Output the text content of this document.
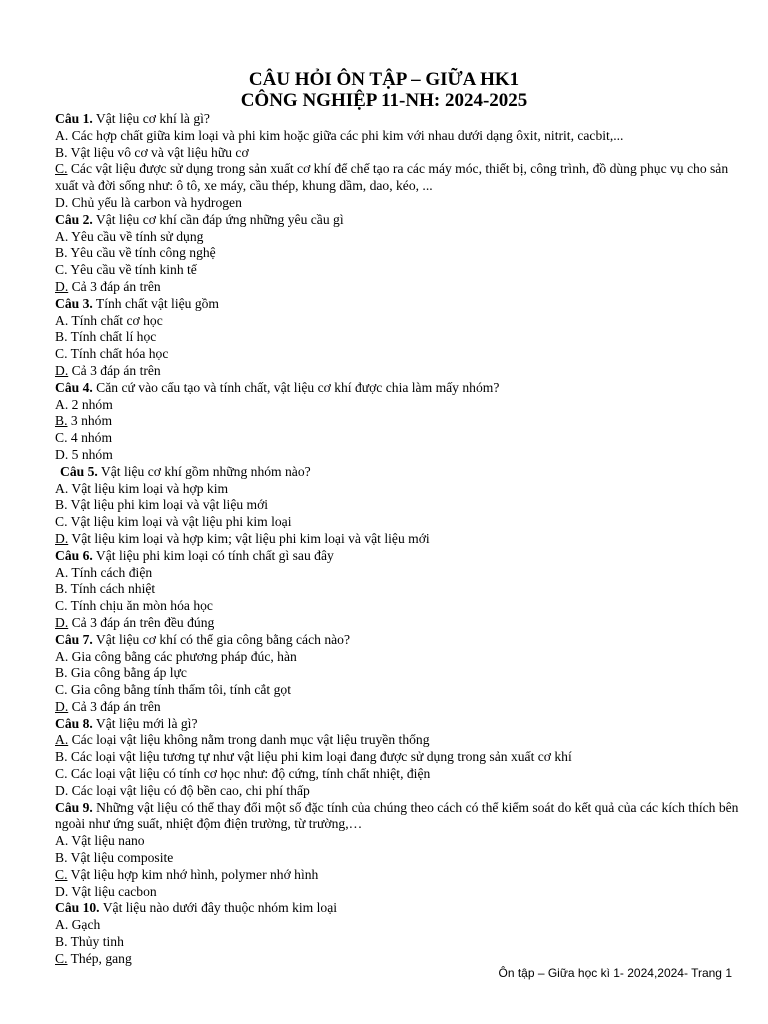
CÂU HỎI ÔN TẬP – GIỮA HK1
CÔNG NGHIỆP 11-NH: 2024-2025
Câu 1. Vật liệu cơ khí là gì?
A. Các hợp chất giữa kim loại và phi kim hoặc giữa các phi kim với nhau dưới dạng ôxit, nitrit, cacbit,...
B. Vật liệu vô cơ và vật liệu hữu cơ
C. Các vật liệu được sử dụng trong sản xuất cơ khí để chế tạo ra các máy móc, thiết bị, công trình, đồ dùng phục vụ cho sản xuất và đời sống như: ô tô, xe máy, cầu thép, khung dầm, dao, kéo, ...
D. Chủ yếu là carbon và hydrogen
Câu 2. Vật liệu cơ khí cần đáp ứng những yêu cầu gì
A. Yêu cầu về tính sử dụng
B. Yêu cầu về tính công nghệ
C. Yêu cầu về tính kinh tế
D. Cả 3 đáp án trên
Câu 3. Tính chất vật liệu gồm
A. Tính chất cơ học
B. Tính chất lí học
C. Tính chất hóa học
D. Cả 3 đáp án trên
Câu 4. Căn cứ vào cấu tạo và tính chất, vật liệu cơ khí được chia làm mấy nhóm?
A. 2 nhóm
B. 3 nhóm
C. 4 nhóm
D. 5 nhóm
Câu 5. Vật liệu cơ khí gồm những nhóm nào?
A. Vật liệu kim loại và hợp kim
B. Vật liệu phi kim loại và vật liệu mới
C. Vật liệu kim loại và vật liệu phi kim loại
D. Vật liệu kim loại và hợp kim; vật liệu phi kim loại và vật liệu mới
Câu 6. Vật liệu phi kim loại có tính chất gì sau đây
A. Tính cách điện
B. Tính cách nhiệt
C. Tính chịu ăn mòn hóa học
D. Cả 3 đáp án trên đều đúng
Câu 7. Vật liệu cơ khí có thể gia công bằng cách nào?
A. Gia công bằng các phương pháp đúc, hàn
B. Gia công bằng áp lực
C. Gia công bằng tính thấm tôi, tính cắt gọt
D. Cả 3 đáp án trên
Câu 8. Vật liệu mới là gì?
A. Các loại vật liệu không nằm trong danh mục vật liệu truyền thống
B. Các loại vật liệu tương tự như vật liệu phi kim loại đang được sử dụng trong sản xuất cơ khí
C. Các loại vật liệu có tính cơ học như: độ cứng, tính chất nhiệt, điện
D. Các loại vật liệu có độ bền cao, chi phí thấp
Câu 9. Những vật liệu có thể thay đổi một số đặc tính của chúng theo cách có thể kiểm soát do kết quả của các kích thích bên ngoài như ứng suất, nhiệt độm điện trường, từ trường,…
A. Vật liệu nano
B. Vật liệu composite
C. Vật liệu hợp kim nhớ hình, polymer nhớ hình
D. Vật liệu cacbon
Câu 10. Vật liệu nào dưới đây thuộc nhóm kim loại
A. Gạch
B. Thủy tinh
C. Thép, gang
Ôn tập – Giữa học kì 1- 2024,2024- Trang 1
